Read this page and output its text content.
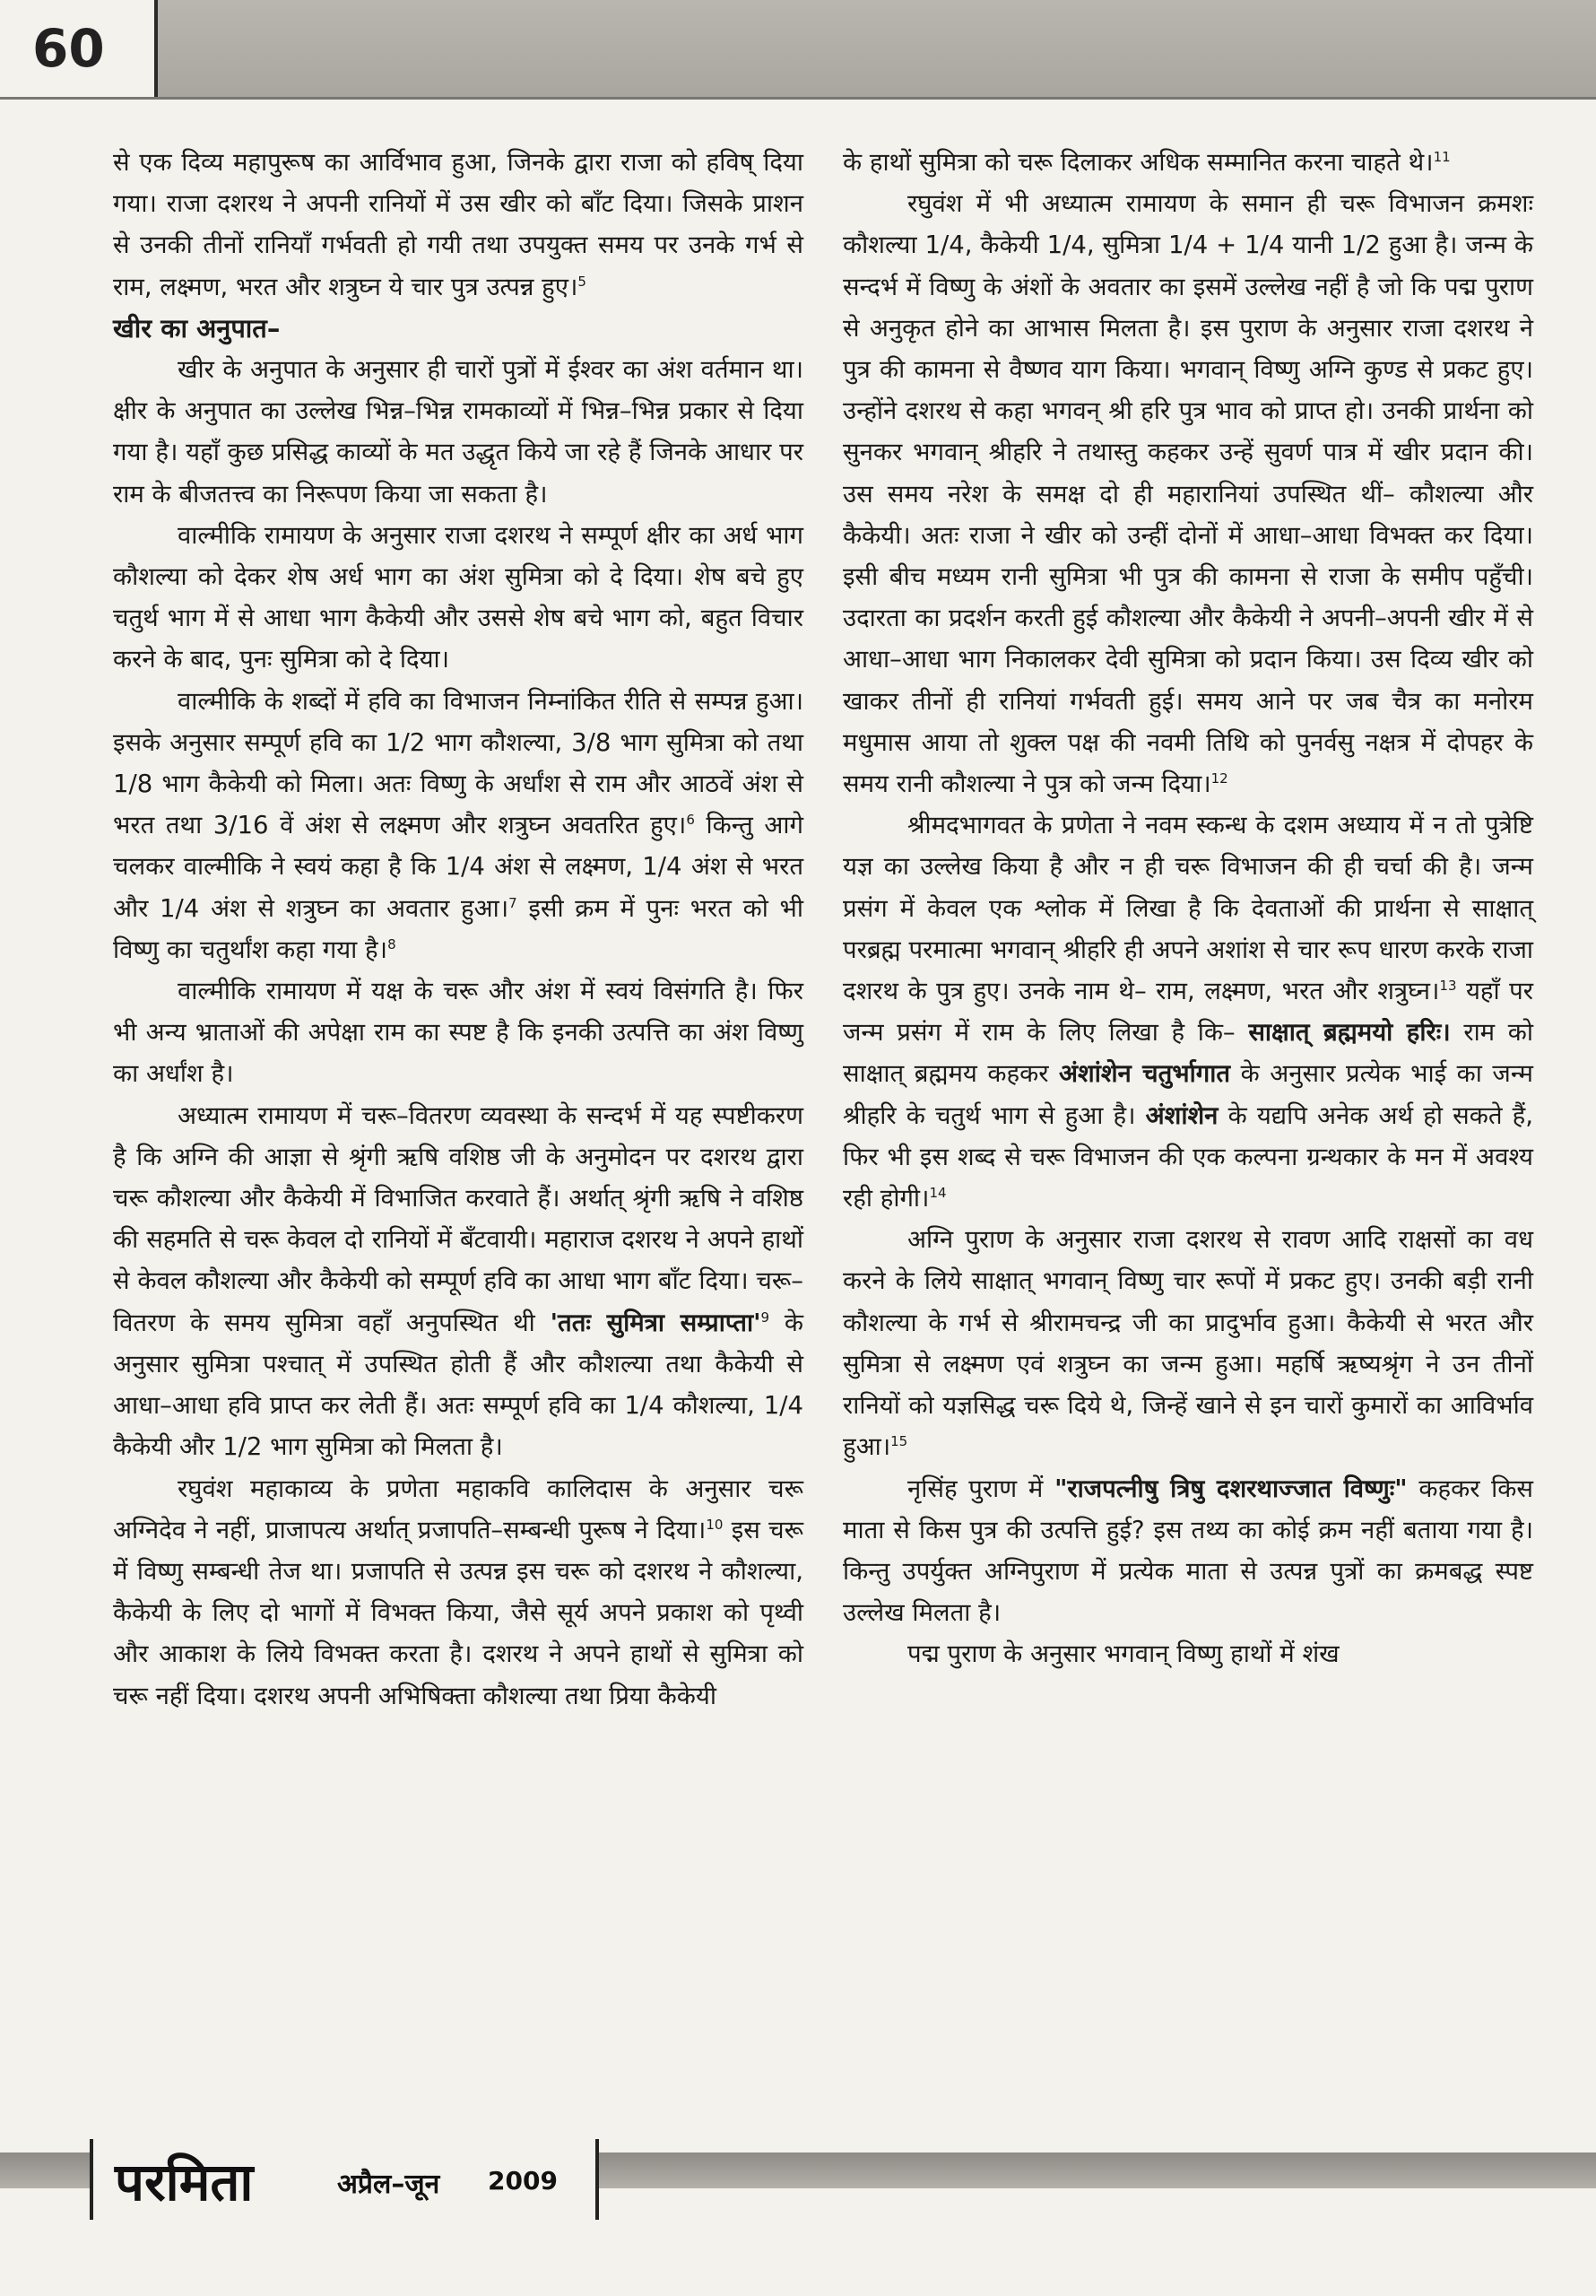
60

से एक दिव्य महापुरूष का आर्विभाव हुआ, जिनके द्वारा राजा को हविष् दिया गया। राजा दशरथ ने अपनी रानियों में उस खीर को बाँट दिया। जिसके प्राशन से उनकी तीनों रानियाँ गर्भवती हो गयी तथा उपयुक्त समय पर उनके गर्भ से राम, लक्ष्मण, भरत और शत्रुघ्न ये चार पुत्र उत्पन्न हुए।$^5$

खीर का अनुपात–

खीर के अनुपात के अनुसार ही चारों पुत्रों में ईश्वर का अंश वर्तमान था। क्षीर के अनुपात का उल्लेख भिन्न–भिन्न रामकाव्यों में भिन्न–भिन्न प्रकार से दिया गया है। यहाँ कुछ प्रसिद्ध काव्यों के मत उद्धृत किये जा रहे हैं जिनके आधार पर राम के बीजतत्त्व का निरूपण किया जा सकता है।

वाल्मीकि रामायण के अनुसार राजा दशरथ ने सम्पूर्ण क्षीर का अर्ध भाग कौशल्या को देकर शेष अर्ध भाग का अंश सुमित्रा को दे दिया। शेष बचे हुए चतुर्थ भाग में से आधा भाग कैकेयी और उससे शेष बचे भाग को, बहुत विचार करने के बाद, पुनः सुमित्रा को दे दिया।

वाल्मीकि के शब्दों में हवि का विभाजन निम्नांकित रीति से सम्पन्न हुआ। इसके अनुसार सम्पूर्ण हवि का 1/2 भाग कौशल्या, 3/8 भाग सुमित्रा को तथा 1/8 भाग कैकेयी को मिला। अतः विष्णु के अर्धांश से राम और आठवें अंश से भरत तथा 3/16 वें अंश से लक्ष्मण और शत्रुघ्न अवतरित हुए।$^6$ किन्तु आगे चलकर वाल्मीकि ने स्वयं कहा है कि 1/4 अंश से लक्ष्मण, 1/4 अंश से भरत और 1/4 अंश से शत्रुघ्न का अवतार हुआ।$^7$ इसी क्रम में पुनः भरत को भी विष्णु का चतुर्थांश कहा गया है।$^8$

वाल्मीकि रामायण में यक्ष के चरू और अंश में स्वयं विसंगति है। फिर भी अन्य भ्राताओं की अपेक्षा राम का स्पष्ट है कि इनकी उत्पत्ति का अंश विष्णु का अर्धांश है।

अध्यात्म रामायण में चरू–वितरण व्यवस्था के सन्दर्भ में यह स्पष्टीकरण है कि अग्नि की आज्ञा से श्रृंगी ऋषि वशिष्ठ जी के अनुमोदन पर दशरथ द्वारा चरू कौशल्या और कैकेयी में विभाजित करवाते हैं। अर्थात् श्रृंगी ऋषि ने वशिष्ठ की सहमति से चरू केवल दो रानियों में बँटवायी। महाराज दशरथ ने अपने हाथों से केवल कौशल्या और कैकेयी को सम्पूर्ण हवि का आधा भाग बाँट दिया। चरू–वितरण के समय सुमित्रा वहाँ अनुपस्थित थी 'ततः सुमित्रा $सम्प्राप्ता'^9$ के अनुसार सुमित्रा पश्चात् में उपस्थित होती हैं और कौशल्या तथा कैकेयी से आधा–आधा हवि प्राप्त कर लेती हैं। अतः सम्पूर्ण हवि का 1/4 कौशल्या, 1/4 कैकेयी और 1/2 भाग सुमित्रा को मिलता है।

रघुवंश महाकाव्य के प्रणेता महाकवि कालिदास के अनुसार चरू अग्निदेव ने नहीं, प्राजापत्य अर्थात् प्रजापति–सम्बन्धी पुरूष ने दिया।$^{10}$ इस चरू में विष्णु सम्बन्धी तेज था। प्रजापति से उत्पन्न इस चरू को दशरथ ने कौशल्या, कैकेयी के लिए दो भागों में विभक्त किया, जैसे सूर्य अपने प्रकाश को पृथ्वी और आकाश के लिये विभक्त करता है। दशरथ ने अपने हाथों से सुमित्रा को चरू नहीं दिया। दशरथ अपनी अभिषिक्ता कौशल्या तथा प्रिया कैकेयी

के हाथों सुमित्रा को चरू दिलाकर अधिक सम्मानित करना चाहते थे।$^{11}$

रघुवंश में भी अध्यात्म रामायण के समान ही चरू विभाजन क्रमशः कौशल्या 1/4, कैकेयी 1/4, सुमित्रा 1/4 + 1/4 यानी 1/2 हुआ है। जन्म के सन्दर्भ में विष्णु के अंशों के अवतार का इसमें उल्लेख नहीं है जो कि पद्म पुराण से अनुकृत होने का आभास मिलता है। इस पुराण के अनुसार राजा दशरथ ने पुत्र की कामना से वैष्णव याग किया। भगवान् विष्णु अग्नि कुण्ड से प्रकट हुए। उन्होंने दशरथ से कहा भगवन् श्री हरि पुत्र भाव को प्राप्त हो। उनकी प्रार्थना को सुनकर भगवान् श्रीहरि ने तथास्तु कहकर उन्हें सुवर्ण पात्र में खीर प्रदान की। उस समय नरेश के समक्ष दो ही महारानियां उपस्थित थीं– कौशल्या और कैकेयी। अतः राजा ने खीर को उन्हीं दोनों में आधा–आधा विभक्त कर दिया। इसी बीच मध्यम रानी सुमित्रा भी पुत्र की कामना से राजा के समीप पहुँची। उदारता का प्रदर्शन करती हुई कौशल्या और कैकेयी ने अपनी–अपनी खीर में से आधा–आधा भाग निकालकर देवी सुमित्रा को प्रदान किया। उस दिव्य खीर को खाकर तीनों ही रानियां गर्भवती हुई। समय आने पर जब चैत्र का मनोरम मधुमास आया तो शुक्ल पक्ष की नवमी तिथि को पुनर्वसु नक्षत्र में दोपहर के समय रानी कौशल्या ने पुत्र को जन्म दिया।$^{12}$

श्रीमदभागवत के प्रणेता ने नवम स्कन्ध के दशम अध्याय में न तो पुत्रेष्टि यज्ञ का उल्लेख किया है और न ही चरू विभाजन की ही चर्चा की है। जन्म प्रसंग में केवल एक श्लोक में लिखा है कि देवताओं की प्रार्थना से साक्षात् परब्रह्म परमात्मा भगवान् श्रीहरि ही अपने अशांश से चार रूप धारण करके राजा दशरथ के पुत्र हुए। उनके नाम थे– राम, लक्ष्मण, भरत और शत्रुघ्न।$^{13}$ यहाँ पर जन्म प्रसंग में राम के लिए लिखा है कि– साक्षात् ब्रह्ममयो हरिः। राम को साक्षात् ब्रह्ममय कहकर अंशांशेन चतुर्भागात के अनुसार प्रत्येक भाई का जन्म श्रीहरि के चतुर्थ भाग से हुआ है। अंशांशेन के यद्यपि अनेक अर्थ हो सकते हैं, फिर भी इस शब्द से चरू विभाजन की एक कल्पना ग्रन्थकार के मन में अवश्य रही होगी।$^{14}$

अग्नि पुराण के अनुसार राजा दशरथ से रावण आदि राक्षसों का वध करने के लिये साक्षात् भगवान् विष्णु चार रूपों में प्रकट हुए। उनकी बड़ी रानी कौशल्या के गर्भ से श्रीरामचन्द्र जी का प्रादुर्भाव हुआ। कैकेयी से भरत और सुमित्रा से लक्ष्मण एवं शत्रुघ्न का जन्म हुआ। महर्षि ऋष्यश्रृंग ने उन तीनों रानियों को यज्ञसिद्ध चरू दिये थे, जिन्हें खाने से इन चारों कुमारों का आविर्भाव हुआ।$^{15}$

नृसिंह पुराण में "राजपत्नीषु त्रिषु दशरथाज्जात विष्णुः" कहकर किस माता से किस पुत्र की उत्पत्ति हुई? इस तथ्य का कोई क्रम नहीं बताया गया है। किन्तु उपर्युक्त अग्निपुराण में प्रत्येक माता से उत्पन्न पुत्रों का क्रमबद्ध स्पष्ट उल्लेख मिलता है।

पद्म पुराण के अनुसार भगवान् विष्णु हाथों में शंख

परमिता	अप्रैल–जून 2009
